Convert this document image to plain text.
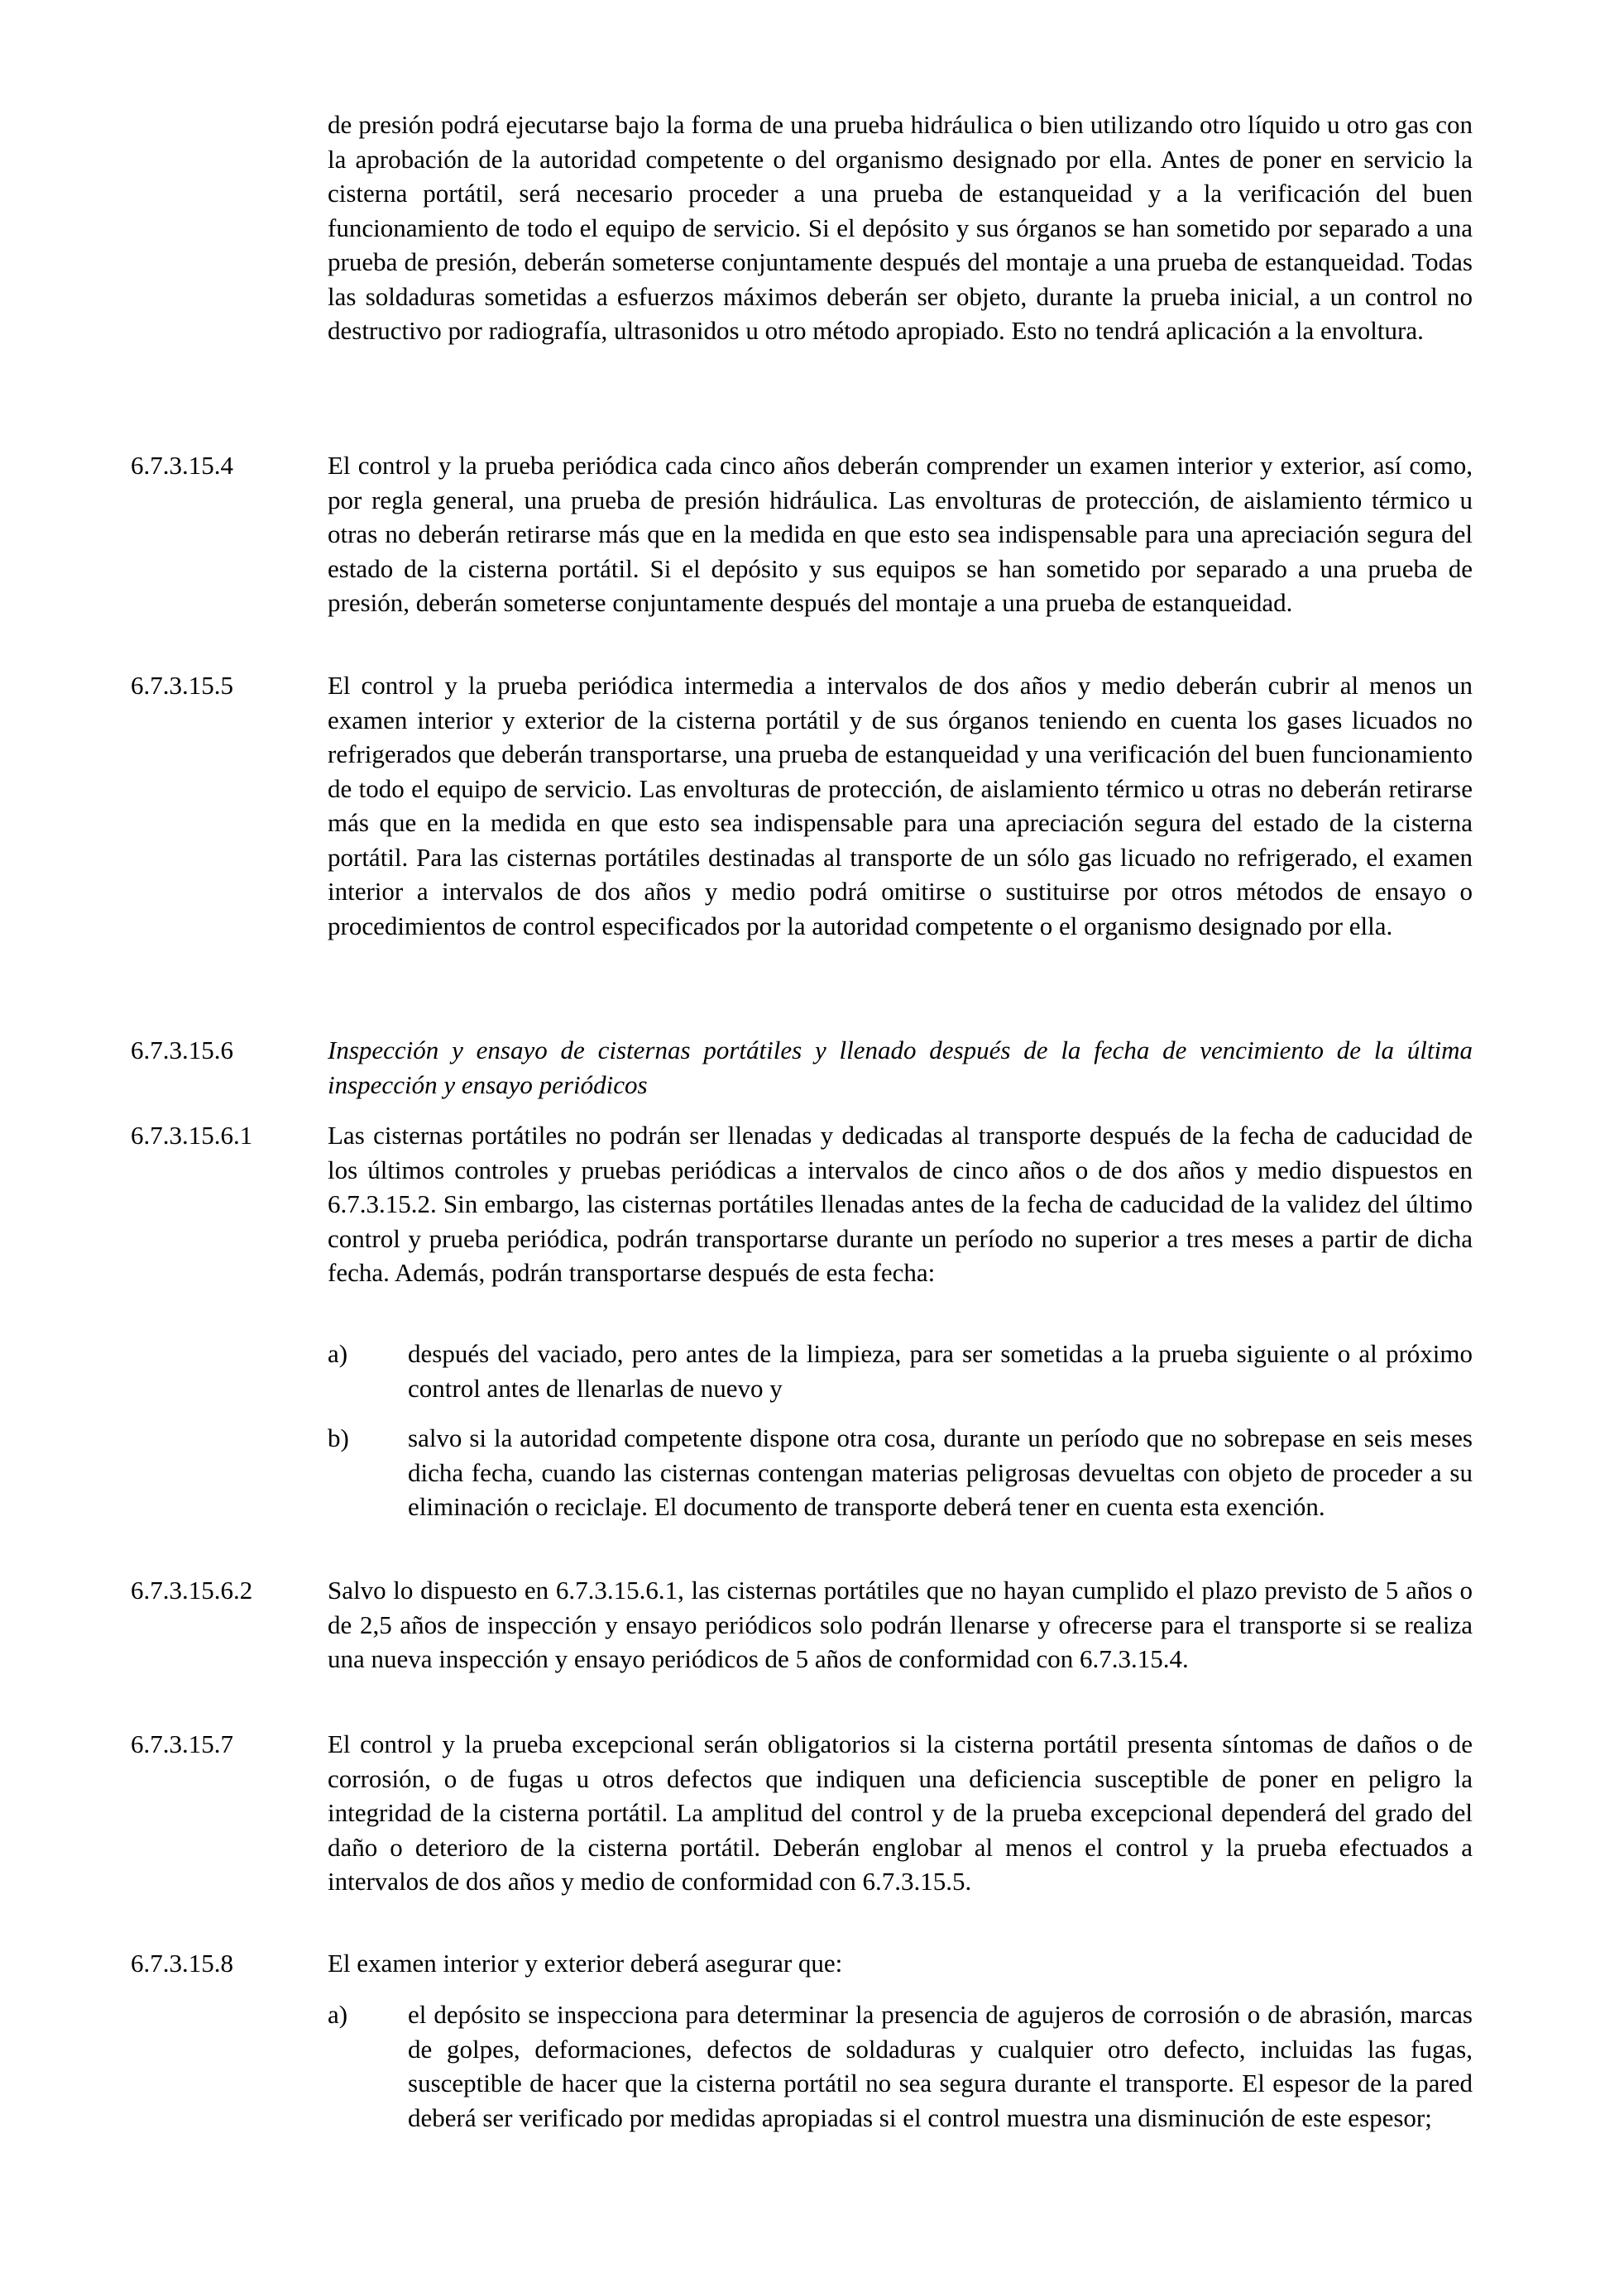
de presión podrá ejecutarse bajo la forma de una prueba hidráulica o bien utilizando otro líquido u otro gas con la aprobación de la autoridad competente o del organismo designado por ella. Antes de poner en servicio la cisterna portátil, será necesario proceder a una prueba de estanqueidad y a la verificación del buen funcionamiento de todo el equipo de servicio. Si el depósito y sus órganos se han sometido por separado a una prueba de presión, deberán someterse conjuntamente después del montaje a una prueba de estanqueidad. Todas las soldaduras sometidas a esfuerzos máximos deberán ser objeto, durante la prueba inicial, a un control no destructivo por radiografía, ultrasonidos u otro método apropiado. Esto no tendrá aplicación a la envoltura.
6.7.3.15.4	El control y la prueba periódica cada cinco años deberán comprender un examen interior y exterior, así como, por regla general, una prueba de presión hidráulica. Las envolturas de protección, de aislamiento térmico u otras no deberán retirarse más que en la medida en que esto sea indispensable para una apreciación segura del estado de la cisterna portátil. Si el depósito y sus equipos se han sometido por separado a una prueba de presión, deberán someterse conjuntamente después del montaje a una prueba de estanqueidad.
6.7.3.15.5	El control y la prueba periódica intermedia a intervalos de dos años y medio deberán cubrir al menos un examen interior y exterior de la cisterna portátil y de sus órganos teniendo en cuenta los gases licuados no refrigerados que deberán transportarse, una prueba de estanqueidad y una verificación del buen funcionamiento de todo el equipo de servicio. Las envolturas de protección, de aislamiento térmico u otras no deberán retirarse más que en la medida en que esto sea indispensable para una apreciación segura del estado de la cisterna portátil. Para las cisternas portátiles destinadas al transporte de un sólo gas licuado no refrigerado, el examen interior a intervalos de dos años y medio podrá omitirse o sustituirse por otros métodos de ensayo o procedimientos de control especificados por la autoridad competente o el organismo designado por ella.
6.7.3.15.6	Inspección y ensayo de cisternas portátiles y llenado después de la fecha de vencimiento de la última inspección y ensayo periódicos
6.7.3.15.6.1	Las cisternas portátiles no podrán ser llenadas y dedicadas al transporte después de la fecha de caducidad de los últimos controles y pruebas periódicas a intervalos de cinco años o de dos años y medio dispuestos en 6.7.3.15.2. Sin embargo, las cisternas portátiles llenadas antes de la fecha de caducidad de la validez del último control y prueba periódica, podrán transportarse durante un período no superior a tres meses a partir de dicha fecha. Además, podrán transportarse después de esta fecha:
a) después del vaciado, pero antes de la limpieza, para ser sometidas a la prueba siguiente o al próximo control antes de llenarlas de nuevo y
b) salvo si la autoridad competente dispone otra cosa, durante un período que no sobrepase en seis meses dicha fecha, cuando las cisternas contengan materias peligrosas devueltas con objeto de proceder a su eliminación o reciclaje. El documento de transporte deberá tener en cuenta esta exención.
6.7.3.15.6.2	Salvo lo dispuesto en 6.7.3.15.6.1, las cisternas portátiles que no hayan cumplido el plazo previsto de 5 años o de 2,5 años de inspección y ensayo periódicos solo podrán llenarse y ofrecerse para el transporte si se realiza una nueva inspección y ensayo periódicos de 5 años de conformidad con 6.7.3.15.4.
6.7.3.15.7	El control y la prueba excepcional serán obligatorios si la cisterna portátil presenta síntomas de daños o de corrosión, o de fugas u otros defectos que indiquen una deficiencia susceptible de poner en peligro la integridad de la cisterna portátil. La amplitud del control y de la prueba excepcional dependerá del grado del daño o deterioro de la cisterna portátil. Deberán englobar al menos el control y la prueba efectuados a intervalos de dos años y medio de conformidad con 6.7.3.15.5.
6.7.3.15.8	El examen interior y exterior deberá asegurar que:
a) el depósito se inspecciona para determinar la presencia de agujeros de corrosión o de abrasión, marcas de golpes, deformaciones, defectos de soldaduras y cualquier otro defecto, incluidas las fugas, susceptible de hacer que la cisterna portátil no sea segura durante el transporte. El espesor de la pared deberá ser verificado por medidas apropiadas si el control muestra una disminución de este espesor;
